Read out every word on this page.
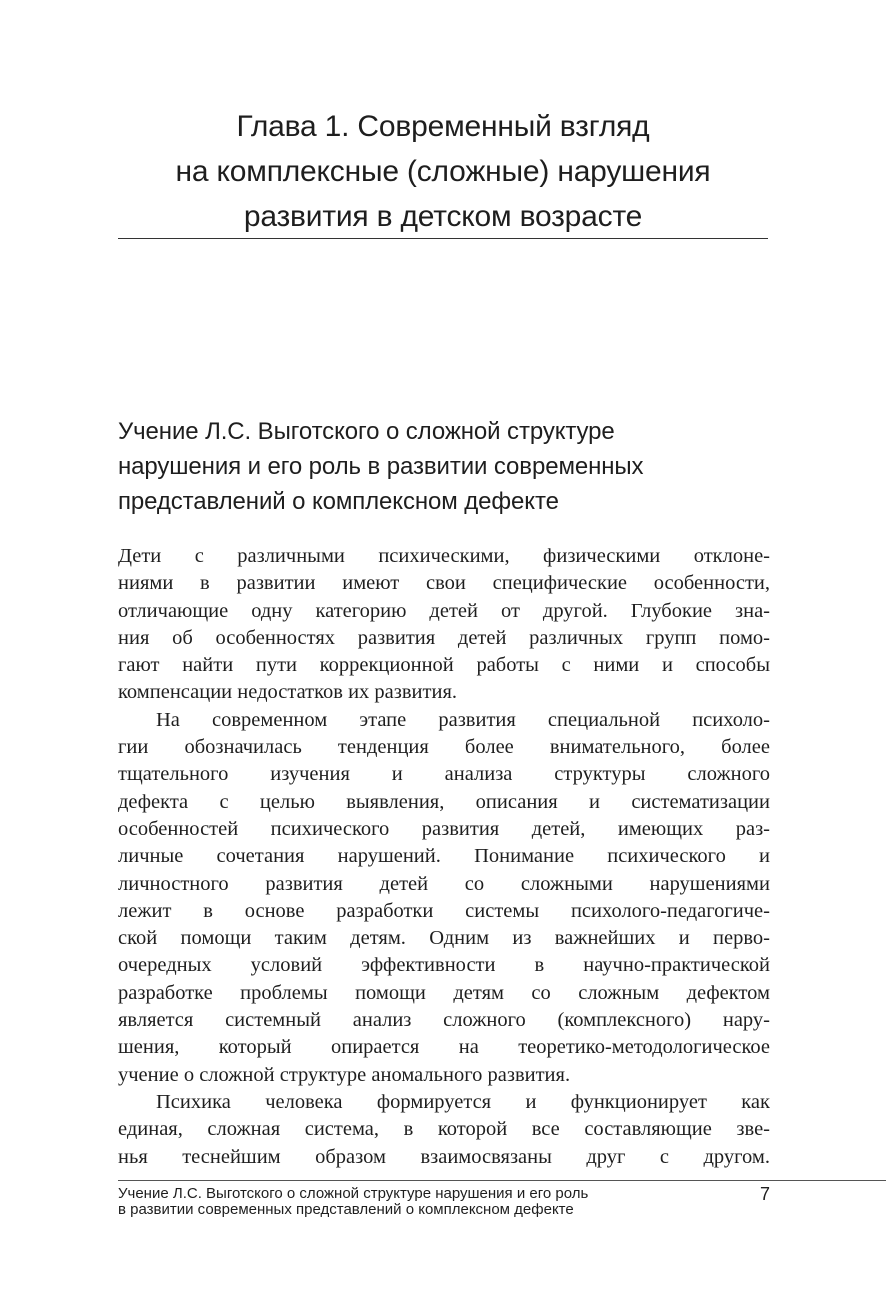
Глава 1. Современный взгляд
на комплексные (сложные) нарушения
развития в детском возрасте
Учение Л.С. Выготского о сложной структуре
нарушения и его роль в развитии современных
представлений о комплексном дефекте

Дети с различными психическими, физическими отклоне-
ниями в развитии имеют свои специфические особенности,
отличающие одну категорию детей от другой. Глубокие зна-
ния об особенностях развития детей различных групп помо-
гают найти пути коррекционной работы с ними и способы
компенсации недостатков их развития.

На современном этапе развития специальной психоло-
гии обозначилась тенденция более внимательного, более
тщательного изучения и анализа структуры сложного
дефекта с целью выявления, описания и систематизации
особенностей психического развития детей, имеющих раз-
личные сочетания нарушений. Понимание психического и
личностного развития детей со сложными нарушениями
лежит в основе разработки системы психолого-педагогиче-
ской помощи таким детям. Одним из важнейших и перво-
очередных условий эффективности в научно-практической
разработке проблемы помощи детям со сложным дефектом
является системный анализ сложного (комплексного) нару-
шения, который опирается на теоретико-методологическое
учение о сложной структуре аномального развития.

Психика человека формируется и функционирует как
единая, сложная система, в которой все составляющие зве-
нья теснейшим образом взаимосвязаны друг с другом.

Учение Л.С. Выготского о сложной структуре нарушения и его роль
в развитии современных представлений о комплексном дефекте
7
